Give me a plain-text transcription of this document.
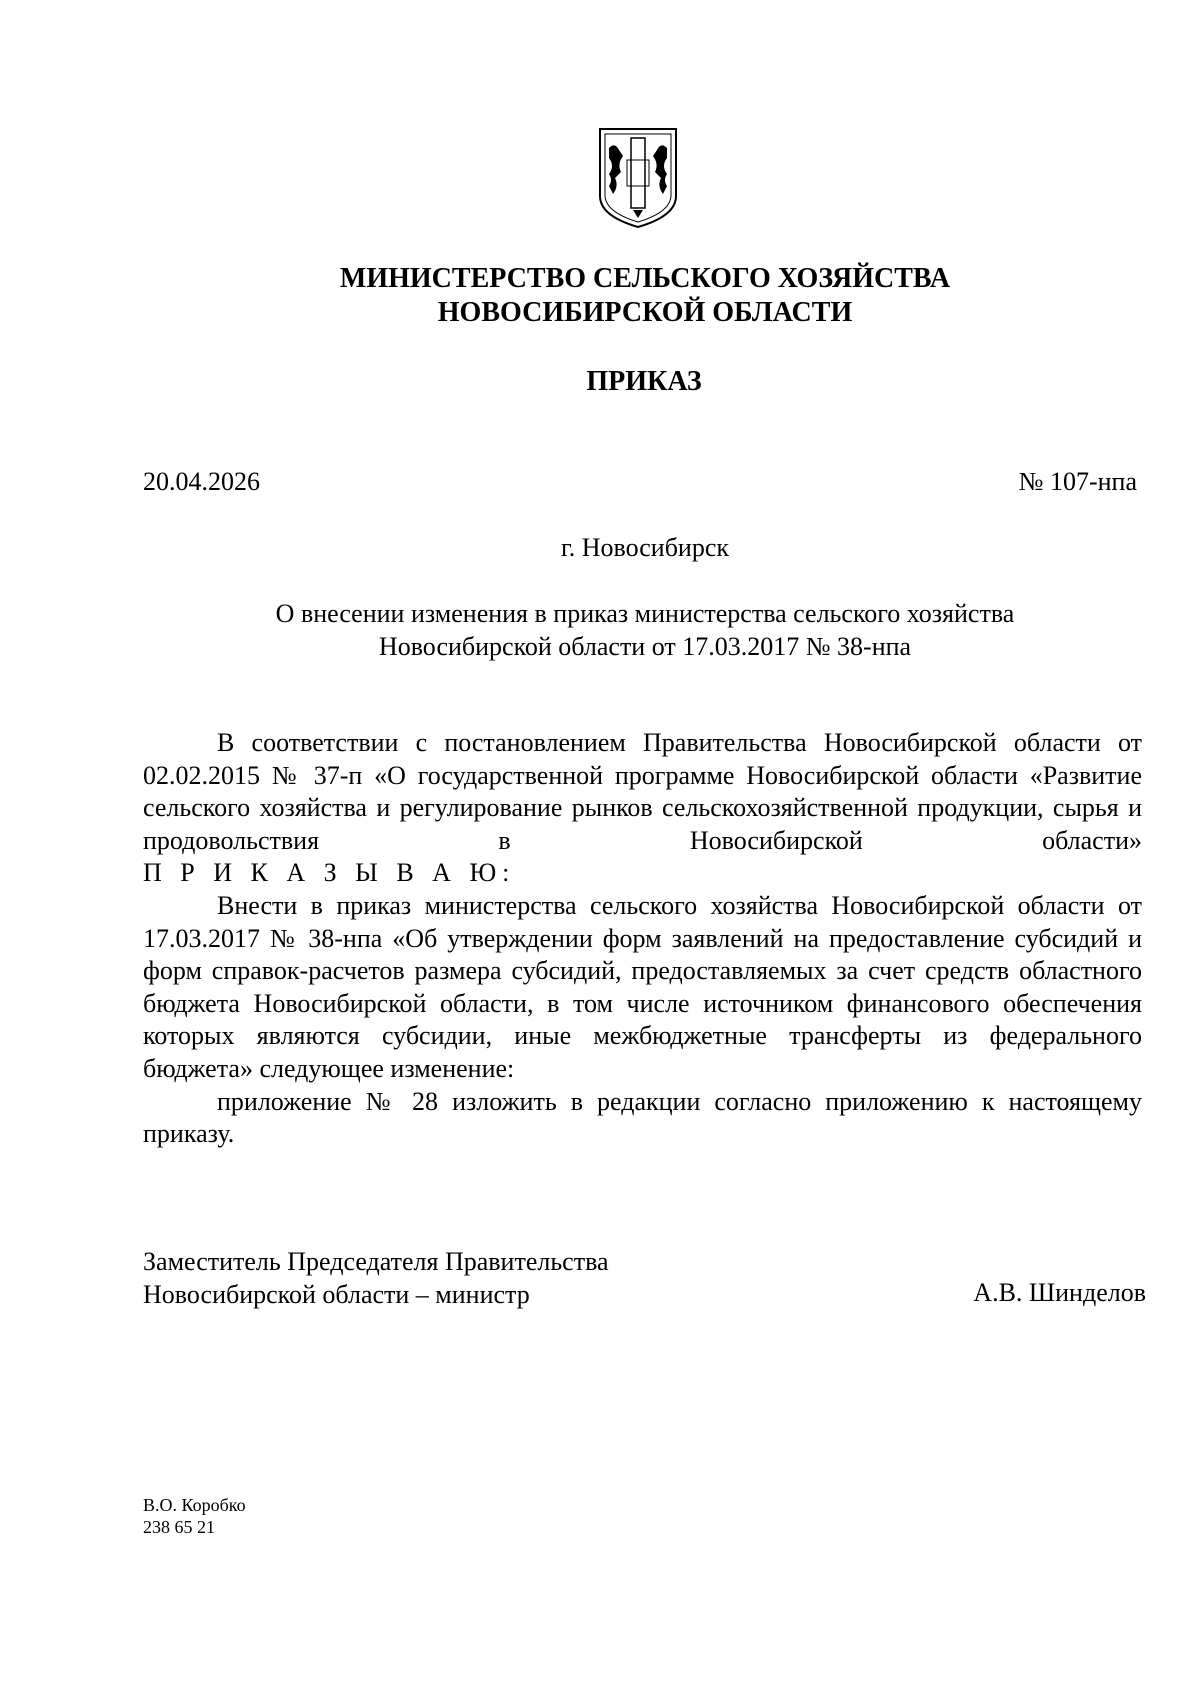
МИНИСТЕРСТВО СЕЛЬСКОГО ХОЗЯЙСТВА
НОВОСИБИРСКОЙ ОБЛАСТИ
ПРИКАЗ
20.04.2026	№ 107-нпа
г. Новосибирск
О внесении изменения в приказ министерства сельского хозяйства
Новосибирской области от 17.03.2017 № 38-нпа

В соответствии с постановлением Правительства Новосибирской области от 02.02.2015 № 37-п «О государственной программе Новосибирской области «Развитие сельского хозяйства и регулирование рынков сельскохозяйственной продукции, сырья и продовольствия в Новосибирской области»

П Р И К А З Ы В А Ю:

Внести в приказ министерства сельского хозяйства Новосибирской области от 17.03.2017 № 38-нпа «Об утверждении форм заявлений на предоставление субсидий и форм справок-расчетов размера субсидий, предоставляемых за счет средств областного бюджета Новосибирской области, в том числе источником финансового обеспечения которых являются субсидии, иные межбюджетные трансферты из федерального бюджета» следующее изменение:

приложение № 28 изложить в редакции согласно приложению к настоящему приказу.

Заместитель Председателя Правительства
Новосибирской области – министр	А.В. Шинделов
В.О. Коробко
238 65 21
